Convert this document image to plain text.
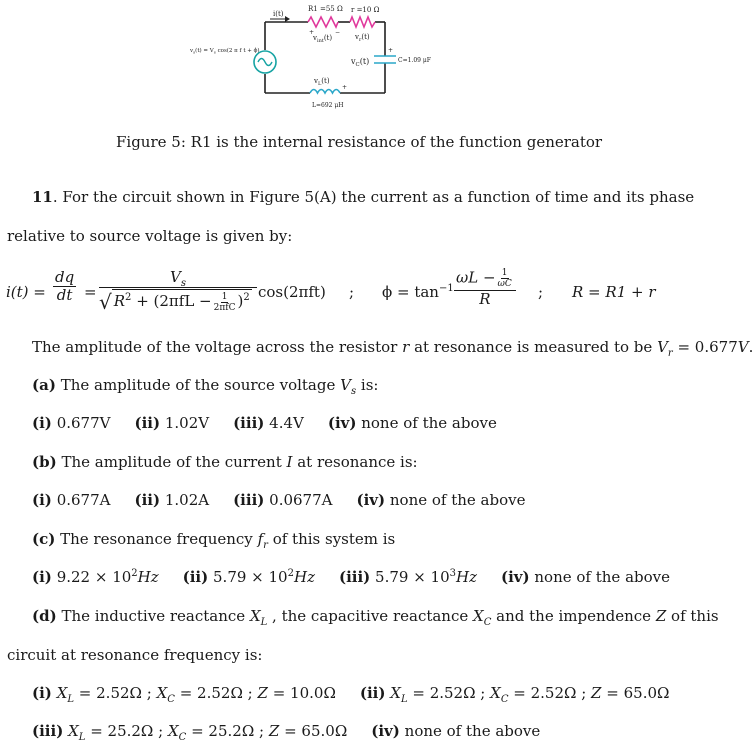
i(t)
R1 =55 Ω r =10 Ω
$v_{int}(t)$
+	−
$v_r(t)$
$v_C(t)$
+
C=1.09 μF
$v_L(t)$
+
L=692 μH
$v_s(t) = V_s$ cos(2 π f t + ϕ)
Figure 5: R1 is the internal resistance of the function generator
11. For the circuit shown in Figure 5(A) the current as a function of time and its phase
relative to source voltage is given by:
$i(t) = \frac{dq}{dt}$ =
$V_s$
√ $R^2 + (2\pi fL - \frac{1}{\text{2πfC}} )^2$ cos(2πft) ; $\phi = \tan^{-1} \frac{\omega L - \frac{1}{\omega C}}{R}$ ; R = R1 + r
The amplitude of the voltage across the resistor r at resonance is measured to be $V_r = 0.677V$.
(a) The amplitude of the source voltage $V_s$ is:
(i) 0.677V (ii) 1.02V (iii) 4.4V (iv) none of the above
(b) The amplitude of the current I at resonance is:
(i) 0.677A (ii) 1.02A (iii) 0.0677A (iv) none of the above
(c) The resonance frequency $f_r$ of this system is
(i) $9.22 \times 10^2Hz$ (ii) $5.79 \times 10^2Hz$ (iii) $5.79 \times 10^3Hz$ (iv) none of the above
(d) The inductive reactance $X_L$ , the capacitive reactance $X_C$ and the impendence Z of this
circuit at resonance frequency is:
(i) $X_L = 2.52\Omega$ ; $X_C = 2.52\Omega$ ; Z = 10.0Ω (ii) $X_L = 2.52\Omega$ ; $X_C = 2.52\Omega$ ; Z = 65.0Ω
(iii) $X_L = 25.2\Omega$ ; $X_C = 25.2\Omega$ ; Z = 65.0Ω (iv) none of the above
